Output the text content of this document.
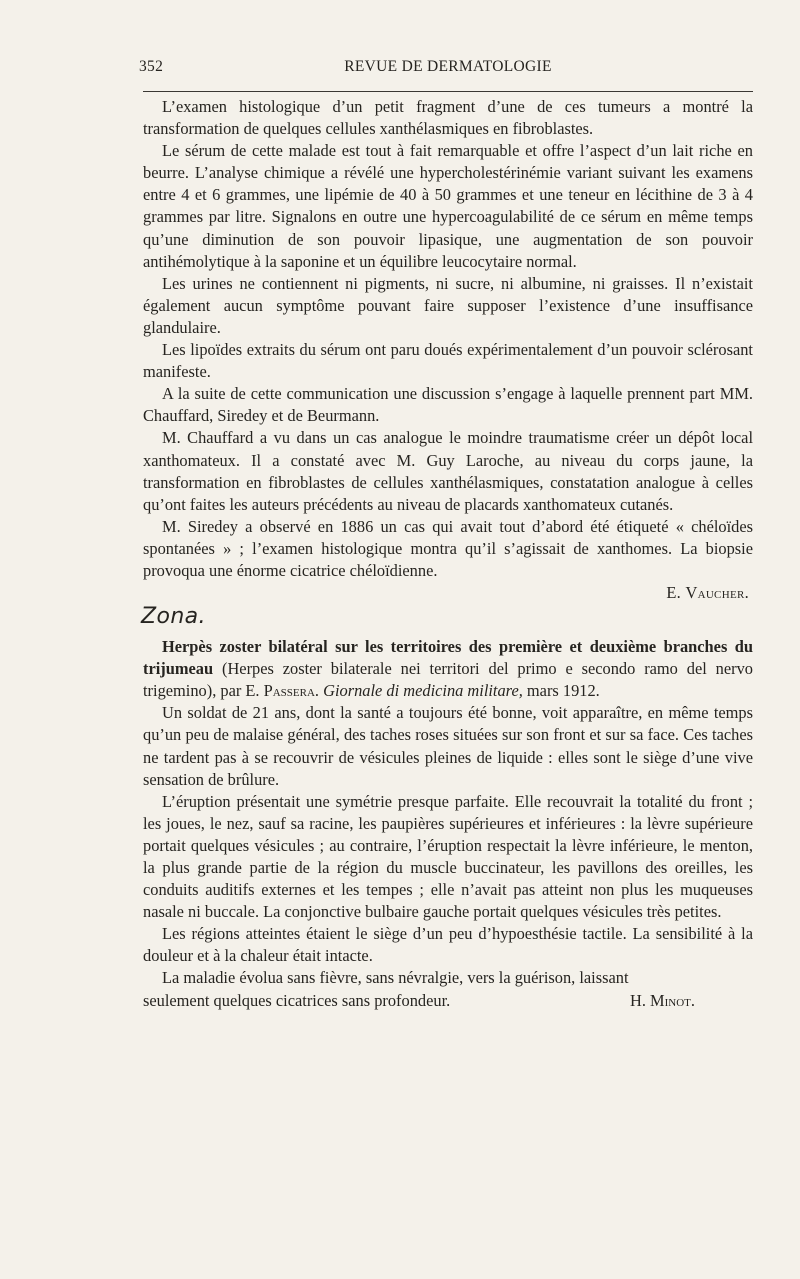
352	REVUE DE DERMATOLOGIE

L’examen histologique d’un petit fragment d’une de ces tumeurs a montré la transformation de quelques cellules xanthélasmiques en fibroblastes.

Le sérum de cette malade est tout à fait remarquable et offre l’aspect d’un lait riche en beurre. L’analyse chimique a révélé une hypercholestérinémie variant suivant les examens entre 4 et 6 grammes, une lipémie de 40 à 50 grammes et une teneur en lécithine de 3 à 4 grammes par litre. Signalons en outre une hypercoagulabilité de ce sérum en même temps qu’une diminution de son pouvoir lipasique, une augmentation de son pouvoir antihémolytique à la saponine et un équilibre leucocytaire normal.

Les urines ne contiennent ni pigments, ni sucre, ni albumine, ni graisses. Il n’existait également aucun symptôme pouvant faire supposer l’existence d’une insuffisance glandulaire.

Les lipoïdes extraits du sérum ont paru doués expérimentalement d’un pouvoir sclérosant manifeste.

A la suite de cette communication une discussion s’engage à laquelle prennent part MM. Chauffard, Siredey et de Beurmann.

M. Chauffard a vu dans un cas analogue le moindre traumatisme créer un dépôt local xanthomateux. Il a constaté avec M. Guy Laroche, au niveau du corps jaune, la transformation en fibroblastes de cellules xanthélasmiques, constatation analogue à celles qu’ont faites les auteurs précédents au niveau de placards xanthomateux cutanés.

M. Siredey a observé en 1886 un cas qui avait tout d’abord été étiqueté « chéloïdes spontanées » ; l’examen histologique montra qu’il s’agissait de xanthomes. La biopsie provoqua une énorme cicatrice chéloïdienne.

E. Vaucher.
Zona.

Herpès zoster bilatéral sur les territoires des première et deuxième branches du trijumeau (Herpes zoster bilaterale nei territori del primo e secondo ramo del nervo trigemino), par E. Passera. Giornale di medicina militare, mars 1912.

Un soldat de 21 ans, dont la santé a toujours été bonne, voit apparaître, en même temps qu’un peu de malaise général, des taches roses situées sur son front et sur sa face. Ces taches ne tardent pas à se recouvrir de vésicules pleines de liquide : elles sont le siège d’une vive sensation de brûlure.

L’éruption présentait une symétrie presque parfaite. Elle recouvrait la totalité du front ; les joues, le nez, sauf sa racine, les paupières supérieures et inférieures : la lèvre supérieure portait quelques vésicules ; au contraire, l’éruption respectait la lèvre inférieure, le menton, la plus grande partie de la région du muscle buccinateur, les pavillons des oreilles, les conduits auditifs externes et les tempes ; elle n’avait pas atteint non plus les muqueuses nasale ni buccale. La conjonctive bulbaire gauche portait quelques vésicules très petites.

Les régions atteintes étaient le siège d’un peu d’hypoesthésie tactile. La sensibilité à la douleur et à la chaleur était intacte.

La maladie évolua sans fièvre, sans névralgie, vers la guérison, laissant

seulement quelques cicatrices sans profondeur.	H. Minot.
